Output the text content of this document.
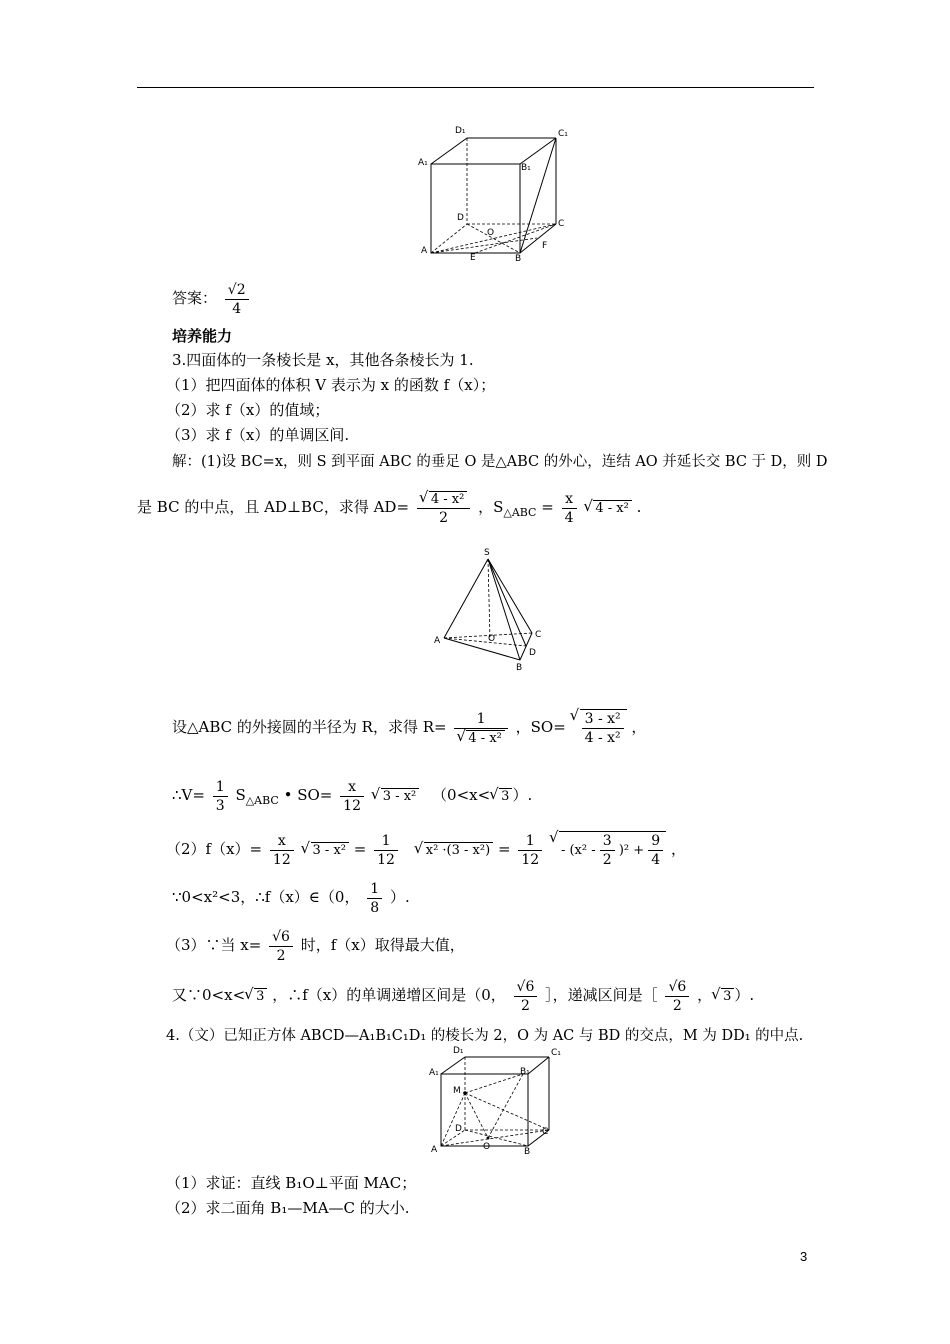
D₁	C₁
A₁	B₁
D
O
C
A
E	B
F
答案： $\frac{√2}{4}$
培养能力
3.四面体的一条棱长是 x，其他各条棱长为 1.
（1）把四面体的体积 V 表示为 x 的函数 f（x）；
（2）求 f（x）的值域；
（3）求 f（x）的单调区间.
解：(1)设 BC=x，则 S 到平面 ABC 的垂足 O 是△ABC 的外心，连结 AO 并延长交 BC 于 D，则 D
是 BC 的中点，且 AD⊥BC，求得 AD= √ $\frac{\text{4 - x²}}{2}$ ，$S_{\triangle ABC} = \frac{x}{4}$ √ 4 - x² .
S
A	O	C
D
B
设△ABC 的外接圆的半径为 R，求得 R= 1
√ 4 - x² ，SO= √ $\frac{\text{3 - x²}}{\text{4 - x²}}$ ，
∴V= $\frac{1}{3} S_{\triangle ABC}$ • $SO= \frac{x}{12}$ √ 3 - x² （0<x< √ 3 ）.
$(2)f(x)= \frac{x}{12}$ √ $3 - x^2 = \frac{1}{12}$ √ $x^2 \cdot(3 - x^2) = \frac{1}{12}$ √ - $(x^2 - \frac{3}{2} )^2 + \frac{9}{4}$ ，
∵0<x²<3，∴f（x）∈（0， $\frac{1}{8}$ ）.
（3）∵当 $x= \frac{√6}{2}$ 时，f（x）取得最大值，
又∵0<x< √ 3 ，∴f（x）的单调递增区间是（0， $\frac{√6}{2}$ ］，递减区间是［ $\frac{√6}{2}$ ， √ 3 ）.
4.（文）已知正方体 ABCD—A₁B₁C₁D₁ 的棱长为 2，O 为 AC 与 BD 的交点，M 为 DD₁ 的中点.
D₁	C₁
A₁	B₁
M
D	C
A	O	B
（1）求证：直线 B₁O⊥平面 MAC；
（2）求二面角 B₁—MA—C 的大小.
3
